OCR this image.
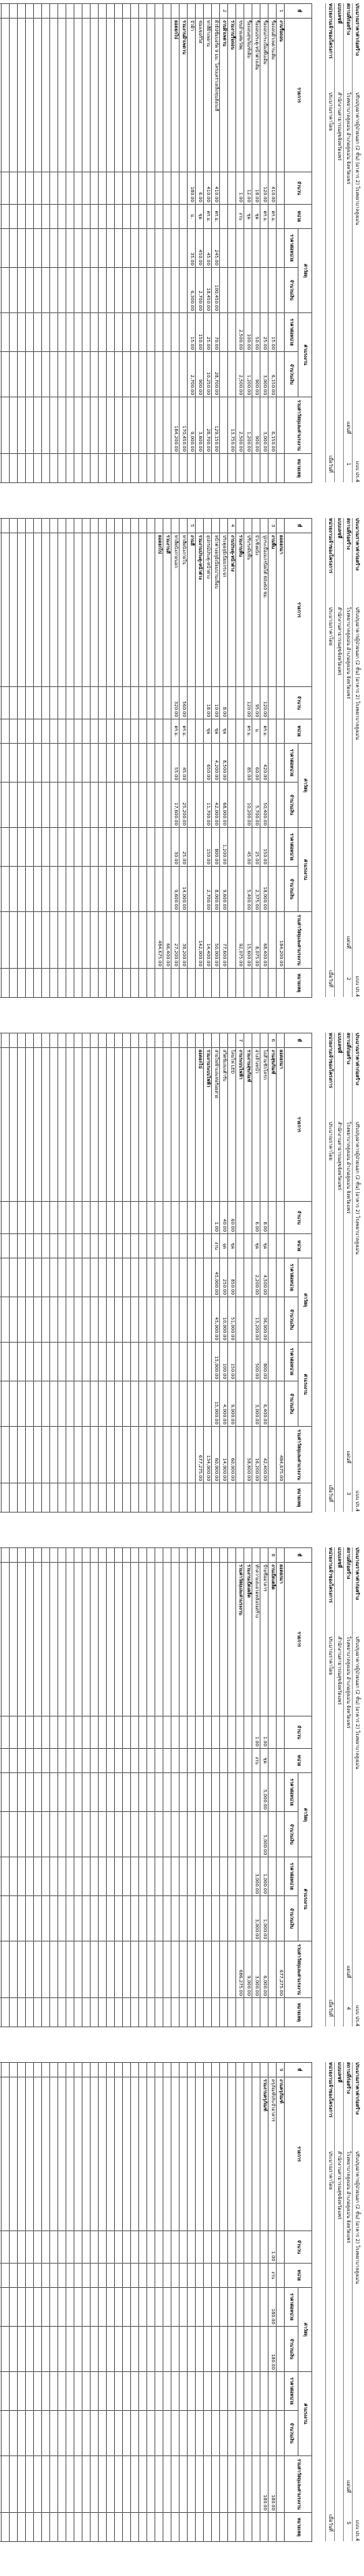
ประมาณราคาค่าก่อสร้าง
ปรับปรุงอาคารผู้ป่วยนอก (2 ชั้น) (อาคาร 2) โรงพยาบาลสูงเม่น
แบบ ปร.4
สถานที่ก่อสร้าง
โรงพยาบาลสูงเม่น อำเภอสูงเม่น จังหวัดแพร่
แผ่นที่
1
แบบเลขที่
สำนักงานสาธารณสุขจังหวัดแพร่
หน่วยงานเจ้าของโครงการ
ประมาณราคาโดย
เมื่อวันที่
ที่	รายการ	จำนวน	หน่วย	ค่าวัสดุ		ค่าแรงงาน		รวมค่าวัสดุและค่าแรงงาน	หมายเหตุ
				ราคาต่อหน่วย	จำนวนเงิน	ราคาต่อหน่วย	จำนวนเงิน		
1	งานรื้อถอน								
	รื้อถอนฝ้าเพดานเดิม	410.00	ตร.ม.			15.00	6,150.00	6,150.00	
	รื้อถอนกระเบื้องพื้นเดิม	120.00	ตร.ม.			25.00	3,000.00	3,000.00	
	รื้อถอนประตู-หน้าต่างเดิม	18.00	ชุด			50.00	900.00	900.00	
	รื้อถอนสุขภัณฑ์เดิม	12.00	ชุด			100.00	1,200.00	1,200.00	
	ขนย้ายเศษวัสดุ	1.00	งาน			2,500.00	2,500.00	2,500.00	
	รวมงานรื้อถอน							13,750.00	
2	งานฝ้าเพดาน								
	ฝ้ายิปซั่มบอร์ด 9 มม. โครงเคร่าเหล็กชุบสังกะสี	410.00	ตร.ม.	245.00	100,450.00	70.00	28,700.00	129,150.00	
	ทาสีฝ้าเพดาน	410.00	ตร.ม.	45.00	18,450.00	25.00	10,250.00	28,700.00	
	ช่องเซอร์วิส	6.00	ชุด	450.00	2,700.00	150.00	900.00	3,600.00	
	บัวฝ้า	180.00	ม.	35.00	6,300.00	15.00	2,700.00	9,000.00	
	รวมงานฝ้าเพดาน							170,450.00	
	ยอดยกไป							184,200.00	

ประมาณราคาค่าก่อสร้าง
ปรับปรุงอาคารผู้ป่วยนอก (2 ชั้น) (อาคาร 2) โรงพยาบาลสูงเม่น
แบบ ปร.4
สถานที่ก่อสร้าง
โรงพยาบาลสูงเม่น อำเภอสูงเม่น จังหวัดแพร่
แผ่นที่
2
แบบเลขที่
สำนักงานสาธารณสุขจังหวัดแพร่
หน่วยงานเจ้าของโครงการ
ประมาณราคาโดย
เมื่อวันที่
ที่	รายการ	จำนวน	หน่วย	ค่าวัสดุ		ค่าแรงงาน		รวมค่าวัสดุและค่าแรงงาน	หมายเหตุ
				ราคาต่อหน่วย	จำนวนเงิน	ราคาต่อหน่วย	จำนวนเงิน		
	ยอดยกมา							184,200.00	
3	งานพื้น								
	ปูกระเบื้องแกรนิตโต้ 60x60 ซม.	120.00	ตร.ม.	420.00	50,400.00	150.00	18,000.00	68,400.00	
	บัวเชิงผนัง	95.00	ม.	60.00	5,700.00	25.00	2,375.00	8,075.00	
	ปรับระดับพื้น	120.00	ตร.ม.	85.00	10,200.00	45.00	5,400.00	15,600.00	
	รวมงานพื้น							92,075.00	
4	งานประตู-หน้าต่าง								
	ประตูอลูมิเนียมกระจก	8.00	ชุด	8,500.00	68,000.00	1,200.00	9,600.00	77,600.00	
	หน้าต่างอลูมิเนียมบานเลื่อน	10.00	ชุด	4,200.00	42,000.00	800.00	8,000.00	50,000.00	
	อุปกรณ์ประตู-หน้าต่าง	18.00	ชุด	650.00	11,700.00	150.00	2,700.00	14,400.00	
	รวมงานประตู-หน้าต่าง							142,000.00	
5	งานสี								
	ทาสีผนังภายใน	560.00	ตร.ม.	45.00	25,200.00	25.00	14,000.00	39,200.00	
	ทาสีผนังภายนอก	320.00	ตร.ม.	55.00	17,600.00	30.00	9,600.00	27,200.00	
	รวมงานสี							66,400.00	
	ยอดยกไป							484,675.00	

ประมาณราคาค่าก่อสร้าง
ปรับปรุงอาคารผู้ป่วยนอก (2 ชั้น) (อาคาร 2) โรงพยาบาลสูงเม่น
แบบ ปร.4
สถานที่ก่อสร้าง
โรงพยาบาลสูงเม่น อำเภอสูงเม่น จังหวัดแพร่
แผ่นที่
3
แบบเลขที่
สำนักงานสาธารณสุขจังหวัดแพร่
หน่วยงานเจ้าของโครงการ
ประมาณราคาโดย
เมื่อวันที่
ที่	รายการ	จำนวน	หน่วย	ค่าวัสดุ		ค่าแรงงาน		รวมค่าวัสดุและค่าแรงงาน	หมายเหตุ
				ราคาต่อหน่วย	จำนวนเงิน	ราคาต่อหน่วย	จำนวนเงิน		
	ยอดยกมา							484,675.00	
6	งานสุขภัณฑ์								
	โถส้วมชักโครก	8.00	ชุด	4,500.00	36,000.00	800.00	6,400.00	42,400.00	
	อ่างล้างหน้า	6.00	ชุด	2,200.00	13,200.00	500.00	3,000.00	16,200.00	
	รวมงานสุขภัณฑ์							58,600.00	
7	งานระบบไฟฟ้า								
	โคมไฟ LED	60.00	ชุด	850.00	51,000.00	150.00	9,000.00	60,000.00	
	สวิตช์และเต้ารับ	40.00	จุด	250.00	10,000.00	100.00	4,000.00	14,000.00	
	สายไฟฟ้าและท่อร้อยสาย	1.00	งาน	45,000.00	45,000.00	15,000.00	15,000.00	60,000.00	
	รวมงานระบบไฟฟ้า							134,000.00	
	ยอดยกไป							677,275.00	

ประมาณราคาค่าก่อสร้าง
ปรับปรุงอาคารผู้ป่วยนอก (2 ชั้น) (อาคาร 2) โรงพยาบาลสูงเม่น
แบบ ปร.4
สถานที่ก่อสร้าง
โรงพยาบาลสูงเม่น อำเภอสูงเม่น จังหวัดแพร่
แผ่นที่
4
แบบเลขที่
สำนักงานสาธารณสุขจังหวัดแพร่
หน่วยงานเจ้าของโครงการ
ประมาณราคาโดย
เมื่อวันที่
ที่	รายการ	จำนวน	หน่วย	ค่าวัสดุ		ค่าแรงงาน		รวมค่าวัสดุและค่าแรงงาน	หมายเหตุ
				ราคาต่อหน่วย	จำนวนเงิน	ราคาต่อหน่วย	จำนวนเงิน		
	ยอดยกมา							677,275.00	
8	งานเบ็ดเตล็ด								
	ป้ายชื่ออาคาร	1.00	ชุด	5,000.00	5,000.00	1,000.00	1,000.00	6,000.00	
	ทำความสะอาดหลังก่อสร้าง	1.00	งาน			3,000.00	3,000.00	3,000.00	
	รวมงานเบ็ดเตล็ด							9,000.00	
	รวมค่าวัสดุและค่าแรงงาน							686,275.00	

ประมาณราคาค่าก่อสร้าง
ปรับปรุงอาคารผู้ป่วยนอก (2 ชั้น) (อาคาร 2) โรงพยาบาลสูงเม่น
แบบ ปร.4
สถานที่ก่อสร้าง
โรงพยาบาลสูงเม่น อำเภอสูงเม่น จังหวัดแพร่
แผ่นที่
5
แบบเลขที่
สำนักงานสาธารณสุขจังหวัดแพร่
หน่วยงานเจ้าของโครงการ
ประมาณราคาโดย
เมื่อวันที่
ที่	รายการ	จำนวน	หน่วย	ค่าวัสดุ		ค่าแรงงาน		รวมค่าวัสดุและค่าแรงงาน	หมายเหตุ
				ราคาต่อหน่วย	จำนวนเงิน	ราคาต่อหน่วย	จำนวนเงิน		
9	งานครุภัณฑ์								
	ครุภัณฑ์ประจำอาคาร	1.00	งาน	180.00	180.00			180.00	
	รวมงานครุภัณฑ์							180.00	
